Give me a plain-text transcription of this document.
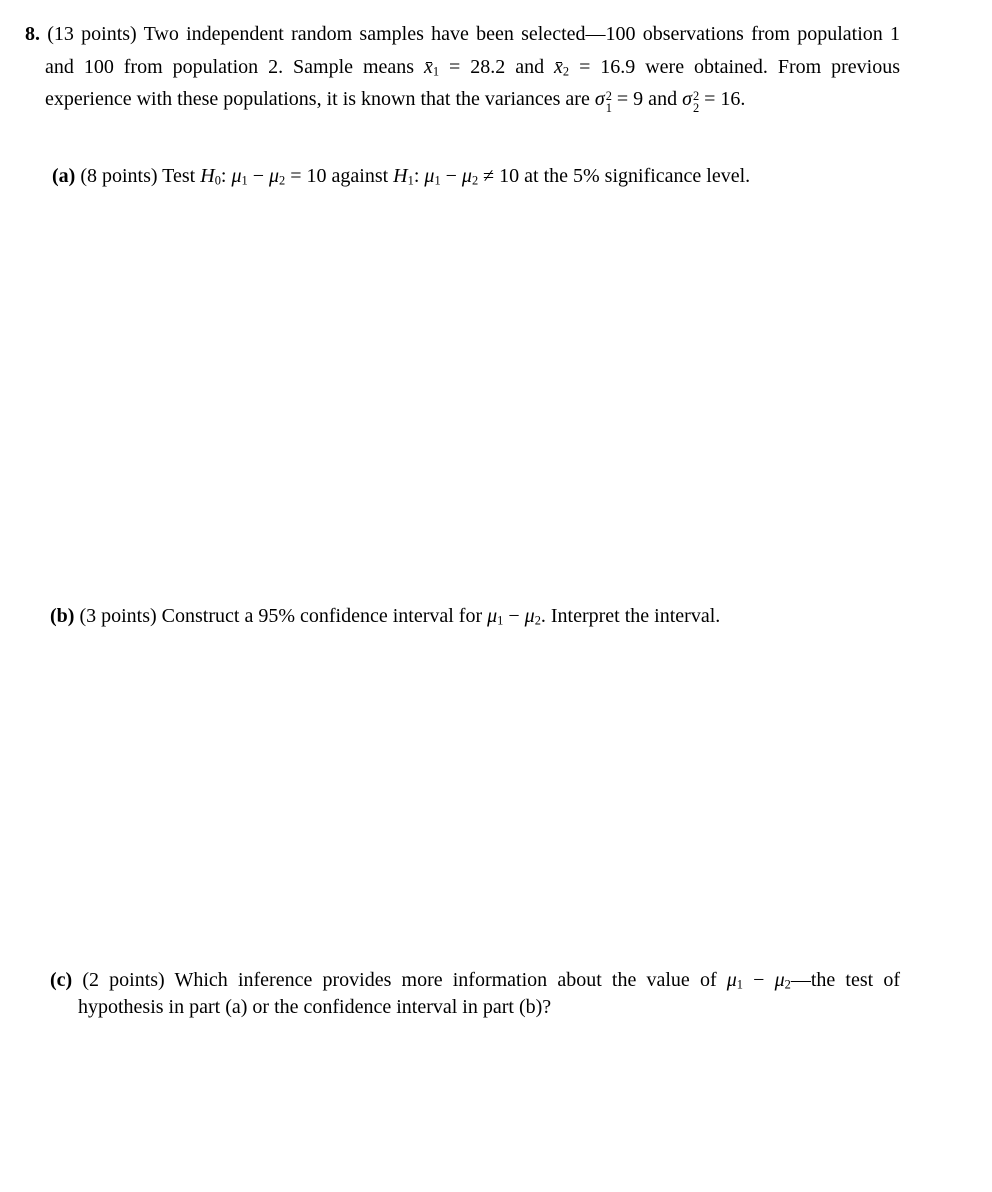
8. (13 points) Two independent random samples have been selected—100 observations from population 1 and 100 from population 2. Sample means $x_1 = 28.2$ and $x_2 = 16.9$ were obtained. From previous experience with these populations, it is known that the variances are σ 2
1 = 9 and σ 2
2 = 16.
(a) (8 points) Test $H_0$: $\mu_1 - \mu_2 = 10$ against $H_1$: $\mu_1 - \mu_2 \ne 10$ at the 5% significance level.
(b) (3 points) Construct a 95% confidence interval for $\mu_1 - \mu_2$. Interpret the interval.
(c) (2 points) Which inference provides more information about the value of $\mu_1$ − $\mu_2—the$ test of hypothesis in part (a) or the confidence interval in part (b)?
